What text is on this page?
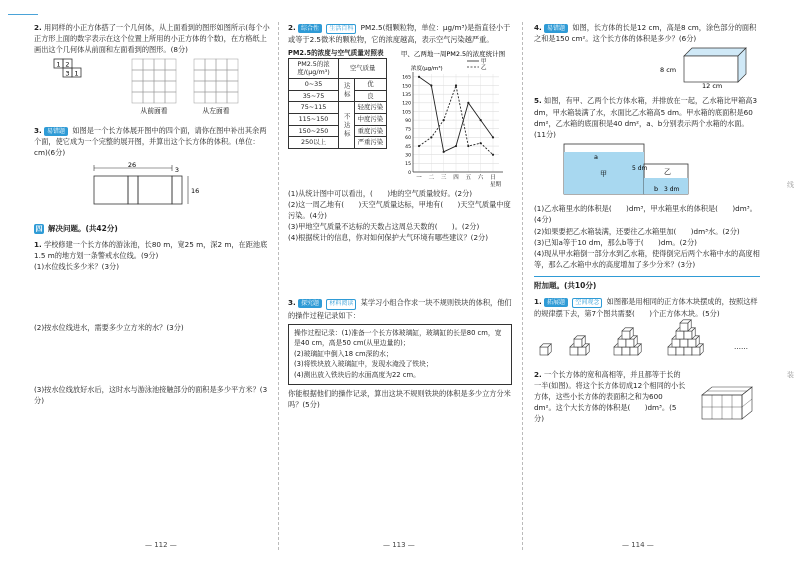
2. 用同样的小正方体搭了一个几何体，从上面看到的图形如图所示(每个小正方形上面的数字表示在这个位置上所用的小正方体的个数)，在方格纸上画出这个几何体从前面和左面看到的图形。(8分)
1 2
3 1
从前面看	从左面看
3. 易错题 如图是一个长方体展开图中的四个面，请你在图中补出其余两个面，使它成为一个完整的展开图，并算出这个长方体的体积。(单位：cm)(6分)
26
3
16
四 解决问题。(共42分)
1. 学校修建一个长方体的游泳池，长80 m，宽25 m，深2 m，在距池底1.5 m的地方划一条警戒水位线。(9分)
(1)水位线长多少米？(3分)
(2)按水位线进水，需要多少立方米的水？(3分)
(3)按水位线放好水后，这时水与游泳池接触部分的面积是多少平方米？(3分)
2. 综合性 生活百科 PM2.5(细颗粒物，单位：μg/m³)是指直径小于或等于2.5微米的颗粒物，它的浓度越高，表示空气污染越严重。
PM2.5的浓度与空气质量对照表
PM2.5的浓度/(μg/m³)	空气质量	
0~35	达标	优
35~75		良
75~115	不达标	轻度污染
115~150		中度污染
150~250		重度污染
250以上		严重污染
甲、乙两地一周PM2.5的浓度统计图
浓度(μg/m³)
0
15
30
45
60
75
90
105
120
135
150
165
一 二 三 四 五 六 日
星期
甲
乙
(1)从统计图中可以看出，(　　)地的空气质量较好。(2分)
(2)这一周乙地有(　　)天空气质量达标，甲地有(　　)天空气质量中度污染。(4分)
(3)甲地空气质量不达标的天数占这周总天数的(　　)。(2分)
(4)根据统计的信息，你对如何保护大气环境有哪些建议？(2分)
3. 探究题 材料阅读 某学习小组合作求一块不规则铁块的体积，他们的操作过程记录如下：
操作过程记录：(1)准备一个长方体玻璃缸，玻璃缸的长是80 cm，宽是40 cm，高是50 cm(从里边量的)；
(2)玻璃缸中倒入18 cm深的水；
(3)将铁块放入玻璃缸中，发现水淹没了铁块；
(4)测出放入铁块后的水面高度为22 cm。
你能根据他们的操作记录，算出这块不规则铁块的体积是多少立方分米吗？(5分)
4. 易错题 如图，长方体的长是12 cm，高是8 cm，涂色部分的面积之和是150 cm²。这个长方体的体积是多少？(6分)
8 cm
12 cm
5. 如图，有甲、乙两个长方体水箱，并排放在一起，乙水箱比甲箱高3 dm，甲水箱装满了水，水面比乙水箱高5 dm。甲水箱的底面积是60 dm²，乙水箱的底面积是40 dm²，a、b分别表示两个水箱的水面。(11分)
a
甲	乙
5 dm
3 dm
b
(1)乙水箱里水的体积是(　　)dm³，甲水箱里水的体积是(　　)dm³。(4分)
(2)如果要把乙水箱装满，还要往乙水箱里加(　　)dm³水。(2分)
(3)已知a等于10 dm，那么b等于(　　)dm。(2分)
(4)现从甲水箱倒一部分水到乙水箱，使得倒完后两个水箱中水的高度相等，那么乙水箱中水的高度增加了多少分米？(3分)
附加题。(共10分)
1. 拓展题 空间观念 如图都是用相同的正方体木块摆成的，按照这样的规律摆下去，第7个图共需要(　　)个正方体木块。(5分)
……
2. 一个长方体的宽和高相等，并且都等于长的一半(如图)。将这个长方体切成12个相同的小长方体，这些小长方体的表面积之和为600 dm²。这个大长方体的体积是(　　)dm³。(5分)
— 112 —	— 113 —	— 114 —
线
装
